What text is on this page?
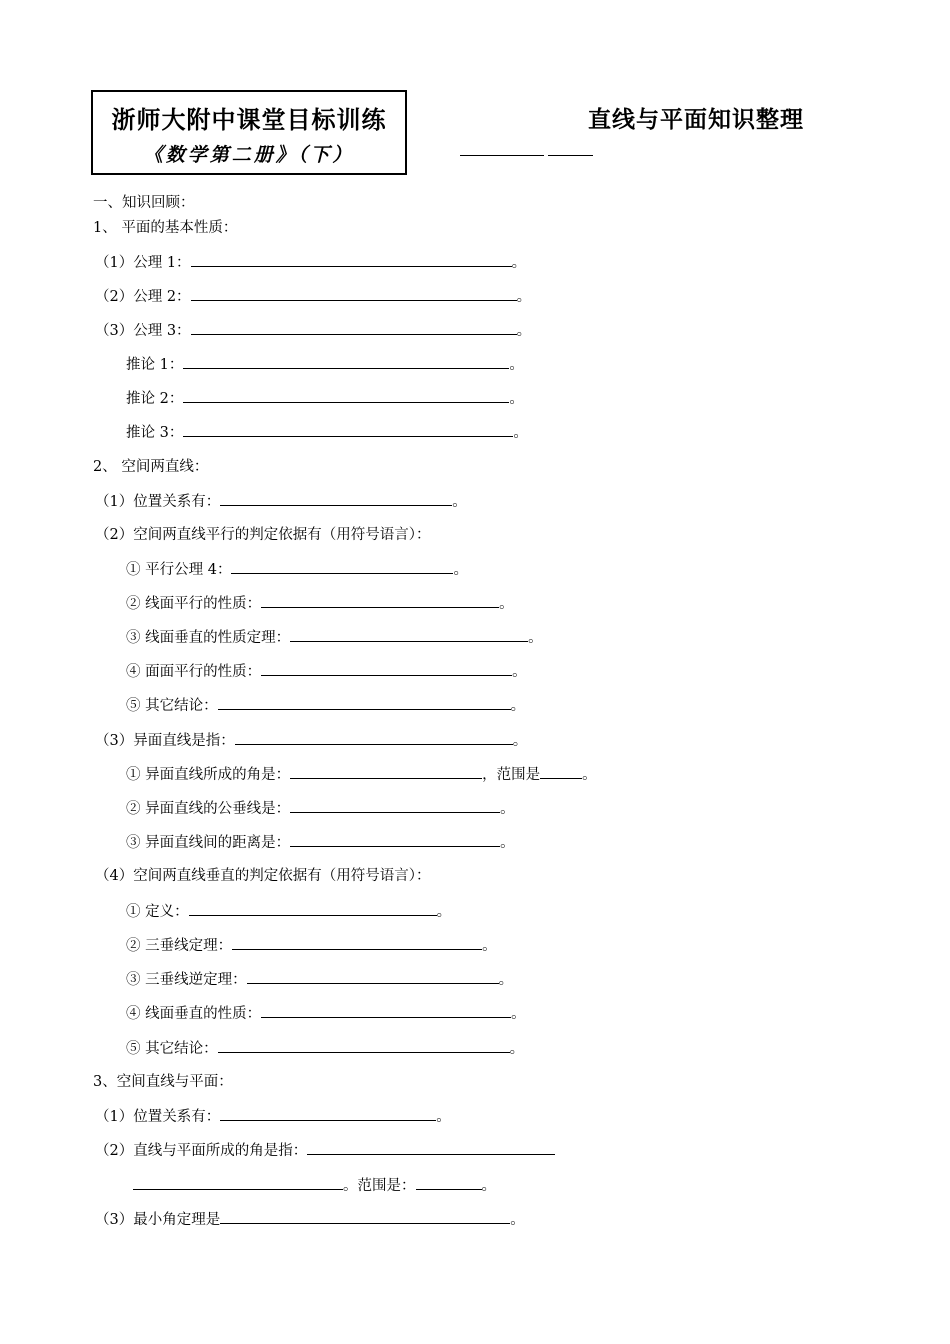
浙师大附中课堂目标训练
《数学第二册》（下）
直线与平面知识整理
一、知识回顾：
1、 平面的基本性质：
（1）公理 1：	。
（2）公理 2：	。
（3）公理 3：	。
推论 1：	。
推论 2：	。
推论 3：	。
2、 空间两直线：
（1）位置关系有：	。
（2）空间两直线平行的判定依据有（用符号语言）：
① 平行公理 4：	。
② 线面平行的性质：	。
③ 线面垂直的性质定理：	。
④ 面面平行的性质：	。
⑤ 其它结论：	。
（3）异面直线是指：	。
① 异面直线所成的角是：	，范围是	。
② 异面直线的公垂线是：	。
③ 异面直线间的距离是：	。
（4）空间两直线垂直的判定依据有（用符号语言）：
① 定义：	。
② 三垂线定理：	。
③ 三垂线逆定理：	。
④ 线面垂直的性质：	。
⑤ 其它结论：	。
3、空间直线与平面：
（1）位置关系有：	。
（2）直线与平面所成的角是指：
。范围是：	。
（3）最小角定理是	。
